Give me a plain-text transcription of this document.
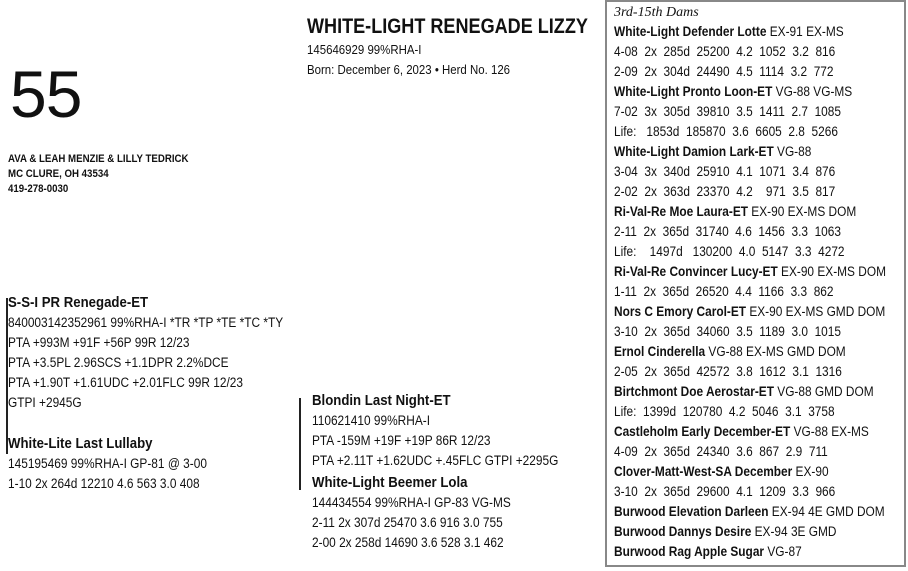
55
AVA & LEAH MENZIE & LILLY TEDRICK
MC CLURE, OH 43534
419-278-0030
WHITE-LIGHT RENEGADE LIZZY
145646929 99%RHA-I
Born: December 6, 2023 • Herd No. 126
S-S-I PR Renegade-ET
840003142352961 99%RHA-I *TR *TP *TE *TC *TY
PTA +993M +91F +56P 99R 12/23
PTA +3.5PL 2.96SCS +1.1DPR 2.2%DCE
PTA +1.90T +1.61UDC +2.01FLC 99R 12/23
GTPI +2945G
White-Lite Last Lullaby
145195469 99%RHA-I GP-81 @ 3-00
1-10 2x 264d 12210 4.6 563 3.0 408
Blondin Last Night-ET
110621410 99%RHA-I
PTA -159M +19F +19P 86R 12/23
PTA +2.11T +1.62UDC +.45FLC GTPI +2295G
White-Light Beemer Lola
144434554 99%RHA-I GP-83 VG-MS
2-11 2x 307d 25470 3.6 916 3.0 755
2-00 2x 258d 14690 3.6 528 3.1 462
3rd-15th Dams
White-Light Defender Lotte EX-91 EX-MS
4-08  2x  285d  25200  4.2  1052  3.2  816
2-09  2x  304d  24490  4.5  1114  3.2  772
White-Light Pronto Loon-ET VG-88 VG-MS
7-02  3x  305d  39810  3.5  1411  2.7  1085
Life:   1853d  185870  3.6  6605  2.8  5266
White-Light Damion Lark-ET VG-88
3-04  3x  340d  25910  4.1  1071  3.4  876
2-02  2x  363d  23370  4.2    971  3.5  817
Ri-Val-Re Moe Laura-ET EX-90 EX-MS DOM
2-11  2x  365d  31740  4.6  1456  3.3  1063
Life:    1497d   130200  4.0  5147  3.3  4272
Ri-Val-Re Convincer Lucy-ET EX-90 EX-MS DOM
1-11  2x  365d  26520  4.4  1166  3.3  862
Nors C Emory Carol-ET EX-90 EX-MS GMD DOM
3-10  2x  365d  34060  3.5  1189  3.0  1015
Ernol Cinderella VG-88 EX-MS GMD DOM
2-05  2x  365d  42572  3.8  1612  3.1  1316
Birtchmont Doe Aerostar-ET VG-88 GMD DOM
Life:  1399d  120780  4.2  5046  3.1  3758
Castleholm Early December-ET VG-88 EX-MS
4-09  2x  365d  24340  3.6  867  2.9  711
Clover-Matt-West-SA December EX-90
3-10  2x  365d  29600  4.1  1209  3.3  966
Burwood Elevation Darleen EX-94 4E GMD DOM
Burwood Dannys Desire EX-94 3E GMD
Burwood Rag Apple Sugar VG-87
